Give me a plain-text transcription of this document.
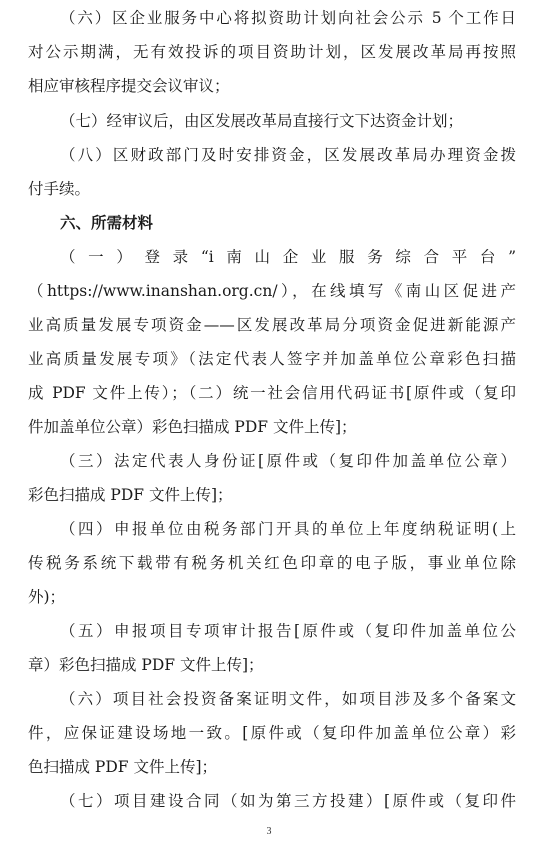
（六）区企业服务中心将拟资助计划向社会公示 5 个工作日
对公示期满，无有效投诉的项目资助计划，区发展改革局再按照
相应审核程序提交会议审议；
（七）经审议后，由区发展改革局直接行文下达资金计划；
（八）区财政部门及时安排资金，区发展改革局办理资金拨
付手续。
六、所需材料
（一）登录“i南山企业服务综合平台”
（https://www.inanshan.org.cn/），在线填写《南山区促进产
业高质量发展专项资金——区发展改革局分项资金促进新能源产
业高质量发展专项》（法定代表人签字并加盖单位公章彩色扫描
成 PDF 文件上传）；（二）统一社会信用代码证书[原件或（复印
件加盖单位公章）彩色扫描成 PDF 文件上传]；
（三）法定代表人身份证[原件或（复印件加盖单位公章）
彩色扫描成 PDF 文件上传]；
（四）申报单位由税务部门开具的单位上年度纳税证明(上
传税务系统下载带有税务机关红色印章的电子版，事业单位除
外)；
（五）申报项目专项审计报告[原件或（复印件加盖单位公
章）彩色扫描成 PDF 文件上传]；
（六）项目社会投资备案证明文件，如项目涉及多个备案文
件，应保证建设场地一致。[原件或（复印件加盖单位公章）彩
色扫描成 PDF 文件上传]；
（七）项目建设合同（如为第三方投建）[原件或（复印件
3
